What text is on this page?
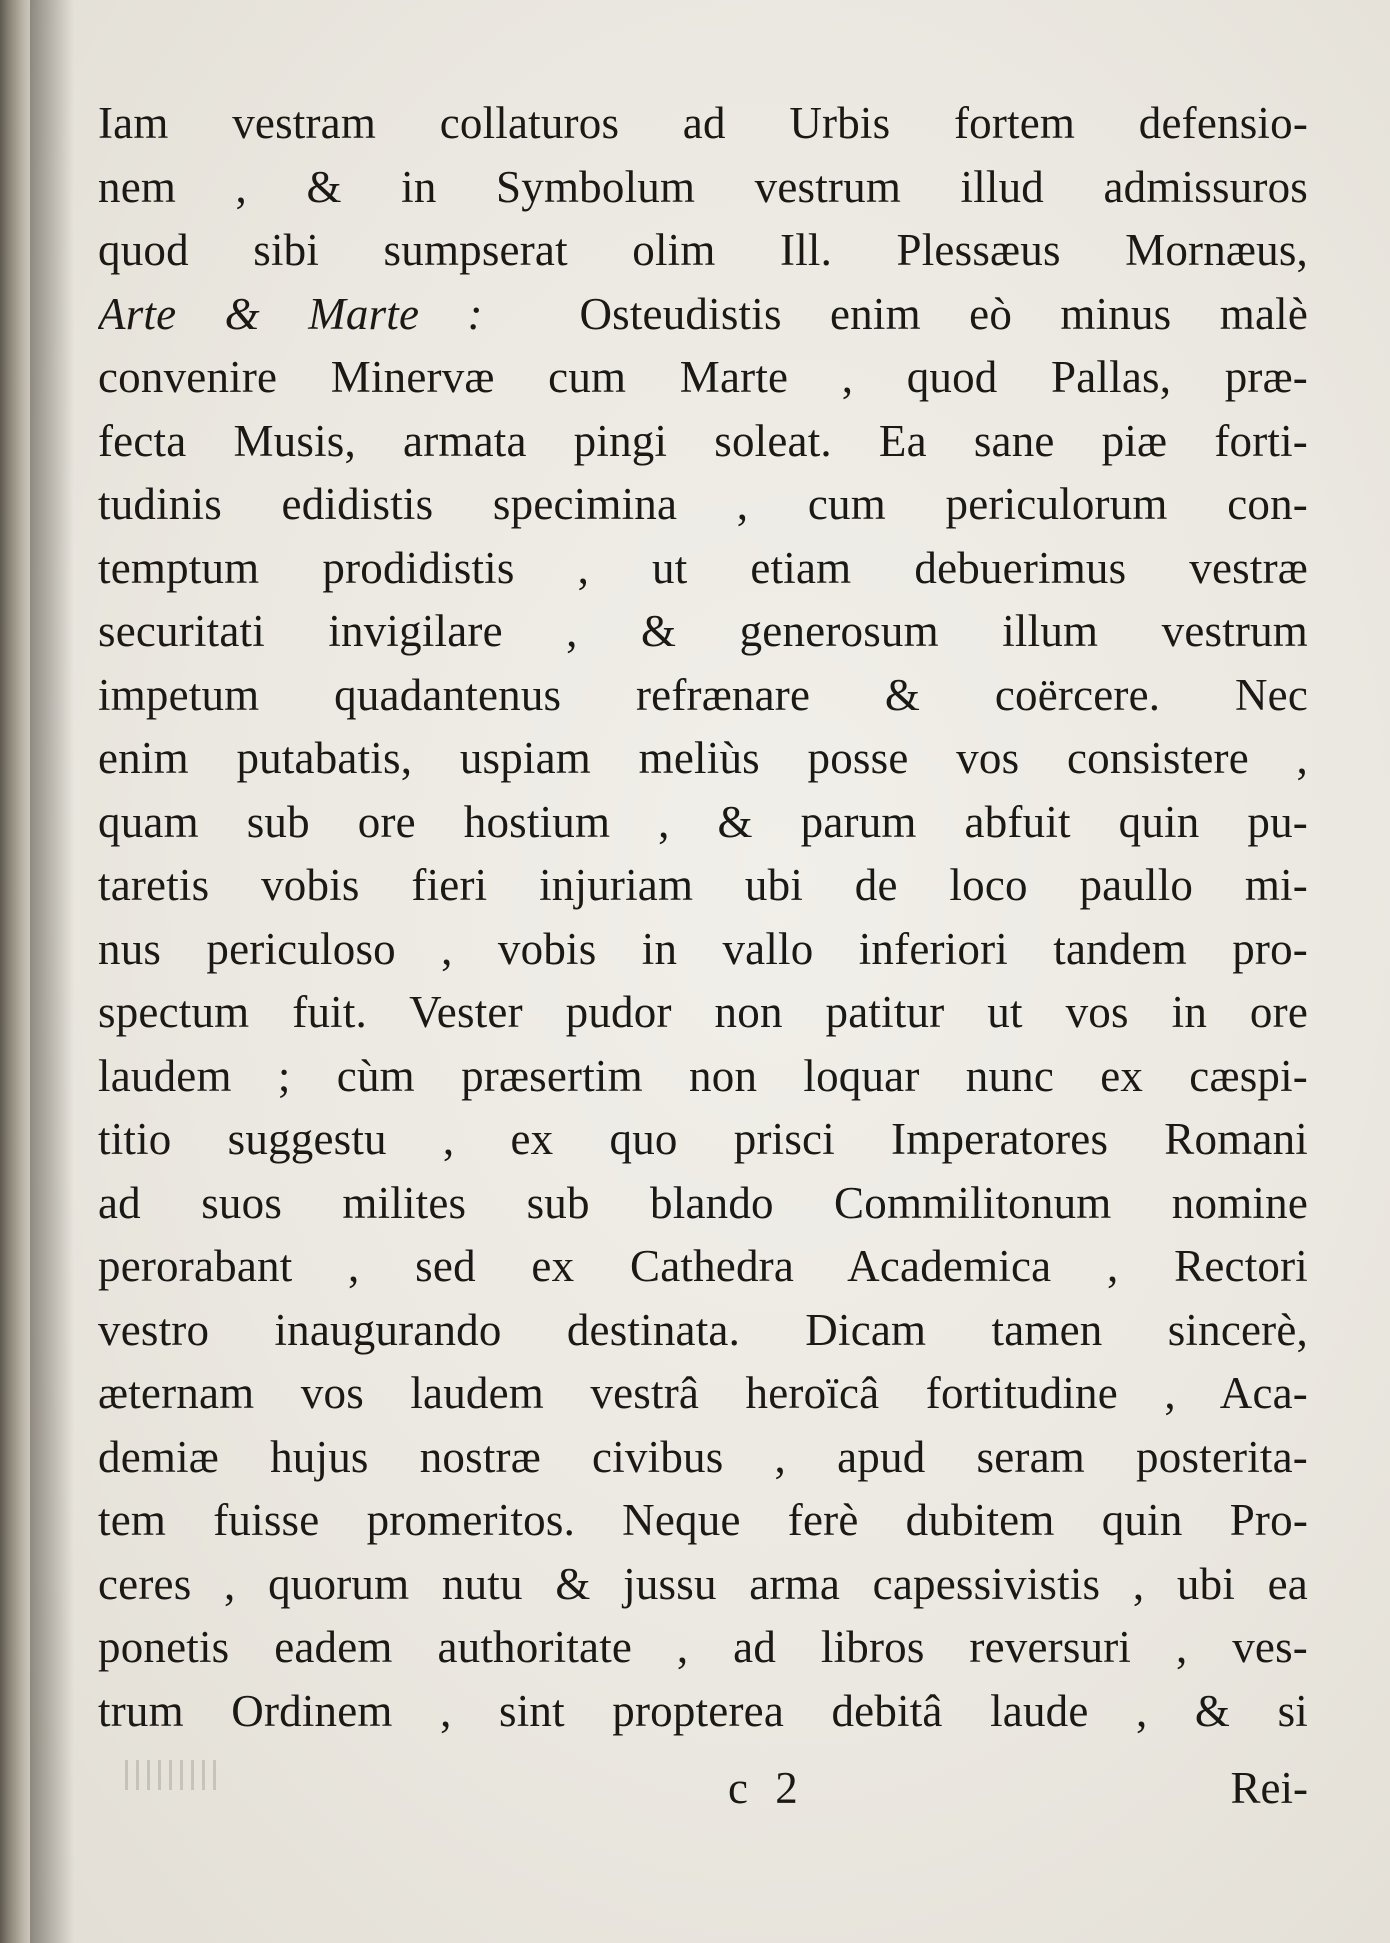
Iam vestram collaturos ad Urbis fortem defensio-
nem , & in Symbolum vestrum illud admissuros
quod sibi sumpserat olim Ill. Plessæus Mornæus,
Arte & Marte : Osteudistis enim eò minus malè
convenire Minervæ cum Marte , quod Pallas, præ-
fecta Musis, armata pingi soleat. Ea sane piæ forti-
tudinis edidistis specimina , cum periculorum con-
temptum prodidistis , ut etiam debuerimus vestræ
securitati invigilare , & generosum illum vestrum
impetum quadantenus refrænare & coërcere. Nec
enim putabatis, uspiam meliùs posse vos consistere ,
quam sub ore hostium , & parum abfuit quin pu-
taretis vobis fieri injuriam ubi de loco paullo mi-
nus periculoso , vobis in vallo inferiori tandem pro-
spectum fuit. Vester pudor non patitur ut vos in ore
laudem ; cùm præsertim non loquar nunc ex cæspi-
titio suggestu , ex quo prisci Imperatores Romani
ad suos milites sub blando Commilitonum nomine
perorabant , sed ex Cathedra Academica , Rectori
vestro inaugurando destinata. Dicam tamen sincerè,
æternam vos laudem vestrâ heroïcâ fortitudine , Aca-
demiæ hujus nostræ civibus , apud seram posterita-
tem fuisse promeritos. Neque ferè dubitem quin Pro-
ceres , quorum nutu & jussu arma capessivistis , ubi ea
ponetis eadem authoritate , ad libros reversuri , ves-
trum Ordinem , sint propterea debitâ laude , & si
c 2	Rei-
